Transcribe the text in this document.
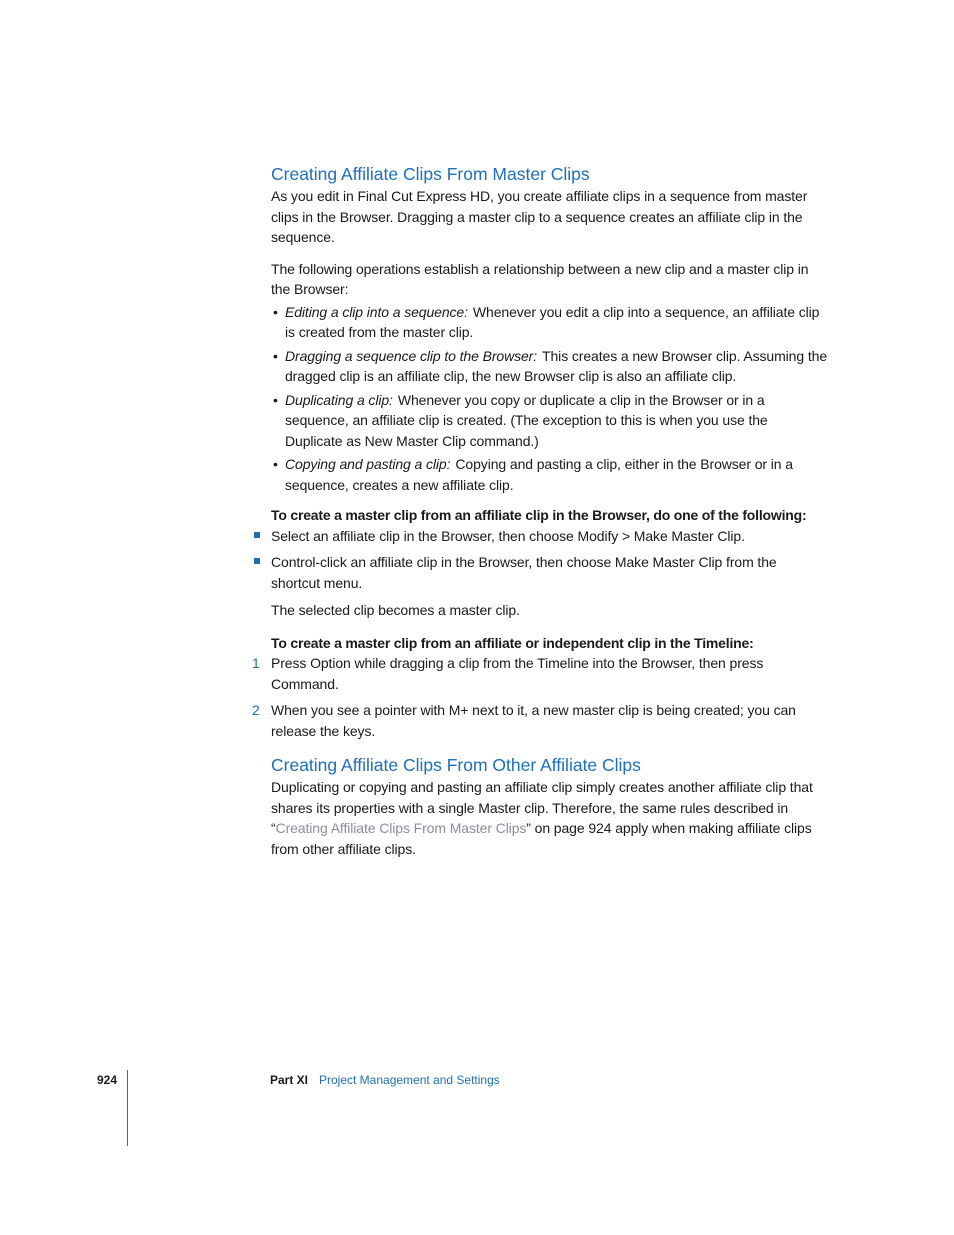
Creating Affiliate Clips From Master Clips

As you edit in Final Cut Express HD, you create affiliate clips in a sequence from master clips in the Browser. Dragging a master clip to a sequence creates an affiliate clip in the sequence.

The following operations establish a relationship between a new clip and a master clip in the Browser:

• Editing a clip into a sequence: Whenever you edit a clip into a sequence, an affiliate clip is created from the master clip.
• Dragging a sequence clip to the Browser: This creates a new Browser clip. Assuming the dragged clip is an affiliate clip, the new Browser clip is also an affiliate clip.
• Duplicating a clip: Whenever you copy or duplicate a clip in the Browser or in a sequence, an affiliate clip is created. (The exception to this is when you use the Duplicate as New Master Clip command.)
• Copying and pasting a clip: Copying and pasting a clip, either in the Browser or in a sequence, creates a new affiliate clip.

To create a master clip from an affiliate clip in the Browser, do one of the following:

Select an affiliate clip in the Browser, then choose Modify > Make Master Clip.
Control-click an affiliate clip in the Browser, then choose Make Master Clip from the shortcut menu.

The selected clip becomes a master clip.

To create a master clip from an affiliate or independent clip in the Timeline:

1 Press Option while dragging a clip from the Timeline into the Browser, then press Command.
2 When you see a pointer with M+ next to it, a new master clip is being created; you can release the keys.
Creating Affiliate Clips From Other Affiliate Clips

Duplicating or copying and pasting an affiliate clip simply creates another affiliate clip that shares its properties with a single Master clip. Therefore, the same rules described in “Creating Affiliate Clips From Master Clips” on page 924 apply when making affiliate clips from other affiliate clips.

924	Part XI Project Management and Settings
